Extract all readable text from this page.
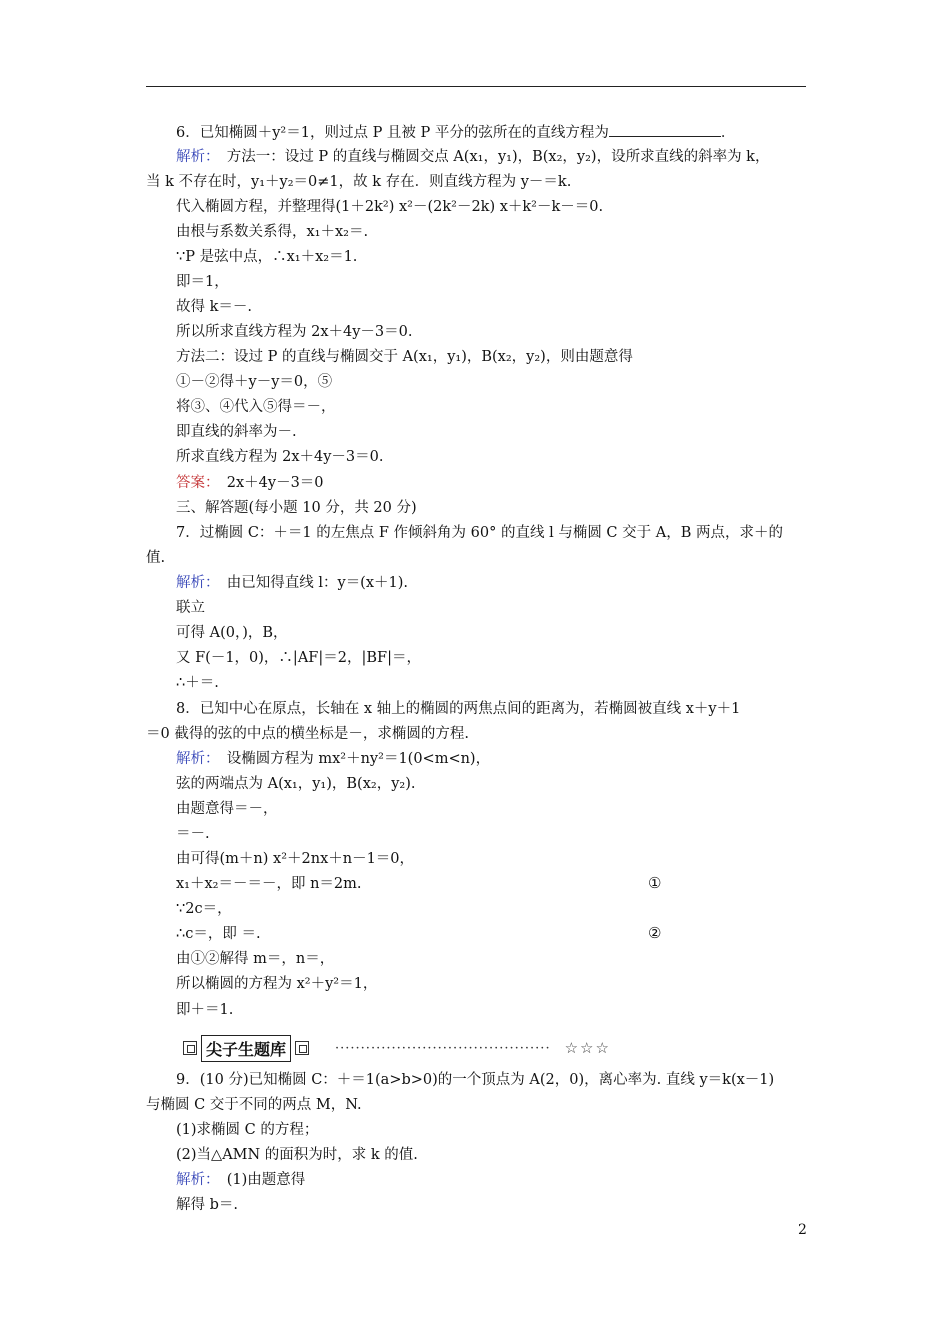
6．已知椭圆＋y²＝1，则过点 P 且被 P 平分的弦所在的直线方程为	．
解析：　方法一：设过 P 的直线与椭圆交点 A(x₁，y₁)，B(x₂，y₂)，设所求直线的斜率为 k，
当 k 不存在时，y₁＋y₂＝0≠1，故 k 存在．则直线方程为 y－＝k.
代入椭圆方程，并整理得(1＋2k²) x²－(2k²－2k) x＋k²－k－＝0.
由根与系数关系得，x₁＋x₂＝.
∵P 是弦中点，∴x₁＋x₂＝1.
即＝1，
故得 k＝－.
所以所求直线方程为 2x＋4y－3＝0.
方法二：设过 P 的直线与椭圆交于 A(x₁，y₁)，B(x₂，y₂)，则由题意得
①－②得＋y－y＝0，⑤
将③、④代入⑤得＝－，
即直线的斜率为－.
所求直线方程为 2x＋4y－3＝0.
答案：　2x＋4y－3＝0
三、解答题(每小题 10 分，共 20 分)
7．过椭圆 C：＋＝1 的左焦点 F 作倾斜角为 60° 的直线 l 与椭圆 C 交于 A，B 两点，求＋的
值.
解析：　由已知得直线 l：y＝(x＋1).
联立
可得 A(0，)，B，
又 F(－1，0)，∴|AF|＝2，|BF|＝，
∴＋＝.
8．已知中心在原点，长轴在 x 轴上的椭圆的两焦点间的距离为，若椭圆被直线 x＋y＋1
＝0 截得的弦的中点的横坐标是－，求椭圆的方程.
解析：　设椭圆方程为 mx²＋ny²＝1(0<m<n)，
弦的两端点为 A(x₁，y₁)，B(x₂，y₂).
由题意得＝－，
＝－.
由可得(m＋n) x²＋2nx＋n－1＝0，
x₁＋x₂＝－＝－，即 n＝2m.	①
∵2c＝，
∴c＝，即 ＝.	②
由①②解得 m＝，n＝，
所以椭圆的方程为 x²＋y²＝1，
即＋＝1.
尖子生题库	·········································· ☆☆☆
9．(10 分)已知椭圆 C：＋＝1(a>b>0)的一个顶点为 A(2，0)，离心率为. 直线 y＝k(x－1)
与椭圆 C 交于不同的两点 M，N.
(1)求椭圆 C 的方程；
(2)当△AMN 的面积为时，求 k 的值.
解析：　(1)由题意得
解得 b＝.
2
